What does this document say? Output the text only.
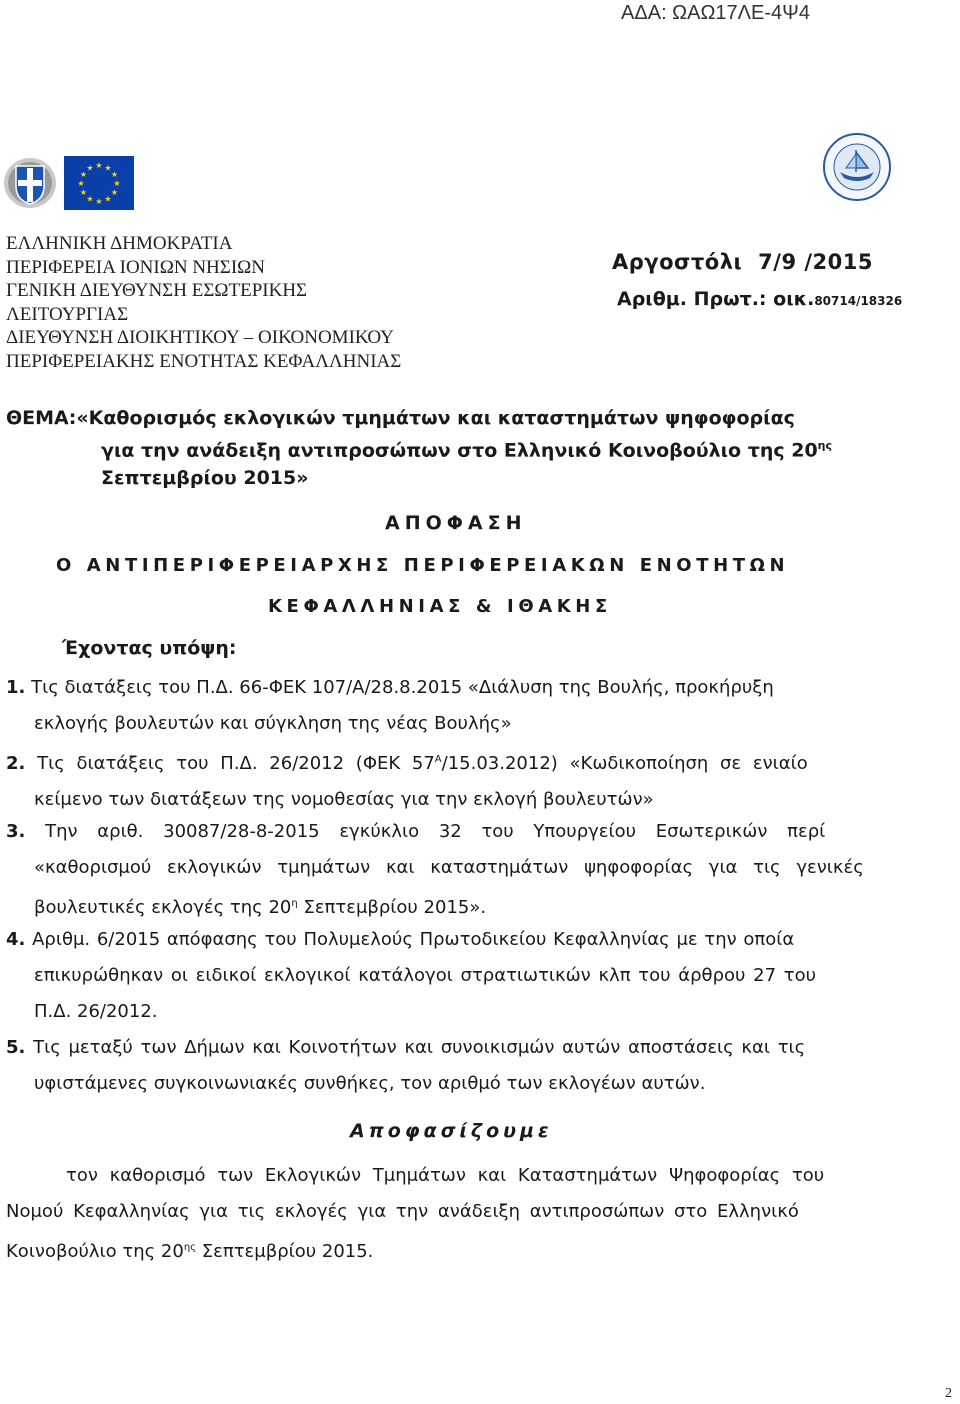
ΑΔΑ: ΩΑΩ17ΛΕ-4Ψ4
★ ★
★
★
★
★
★
★
★
★
★
★
ΕΛΛΗΝΙΚΗ ΔΗΜΟΚΡΑΤΙΑ
ΠΕΡΙΦΕΡΕΙΑ ΙΟΝΙΩΝ ΝΗΣΙΩΝ
ΓΕΝΙΚΗ ΔΙΕΥΘΥΝΣΗ ΕΣΩΤΕΡΙΚΗΣ
ΛΕΙΤΟΥΡΓΙΑΣ
ΔΙΕΥΘΥΝΣΗ ΔΙΟΙΚΗΤΙΚΟΥ – ΟΙΚΟΝΟΜΙΚΟΥ
ΠΕΡΙΦΕΡΕΙΑΚΗΣ ΕΝΟΤΗΤΑΣ ΚΕΦΑΛΛΗΝΙΑΣ
Αργοστόλι 7/9 /2015
Αριθμ. Πρωτ.: οικ.80714/18326
ΘΕΜΑ:«Καθορισμός εκλογικών τμημάτων και καταστημάτων ψηφοφορίας
για την ανάδειξη αντιπροσώπων στο Ελληνικό Κοινοβούλιο της $20^{\eta\varsigma}$
Σεπτεμβρίου 2015»
ΑΠΟΦΑΣΗ
Ο ΑΝΤΙΠΕΡΙΦΕΡΕΙΑΡΧΗΣ ΠΕΡΙΦΕΡΕΙΑΚΩΝ ΕΝΟΤΗΤΩΝ
ΚΕΦΑΛΛΗΝΙΑΣ & ΙΘΑΚΗΣ
Έχοντας υπόψη:
1. Τις διατάξεις του Π.Δ. 66-ΦΕΚ 107/Α/28.8.2015 «Διάλυση της Βουλής, προκήρυξη
εκλογής βουλευτών και σύγκληση της νέας Βουλής»
2. Τις διατάξεις του Π.Δ. 26/2012 (ΦΕΚ $57^A/15.03.2012$) «Κωδικοποίηση σε ενιαίο
κείμενο των διατάξεων της νομοθεσίας για την εκλογή βουλευτών»
3. Την αριθ. 30087/28-8-2015 εγκύκλιο 32 του Υπουργείου Εσωτερικών περί
«καθορισμού εκλογικών τμημάτων και καταστημάτων ψηφοφορίας για τις γενικές
βουλευτικές εκλογές της $20^\eta$ Σεπτεμβρίου 2015».
4. Αριθμ. 6/2015 απόφασης του Πολυμελούς Πρωτοδικείου Κεφαλληνίας με την οποία
επικυρώθηκαν οι ειδικοί εκλογικοί κατάλογοι στρατιωτικών κλπ του άρθρου 27 του
Π.Δ. 26/2012.
5. Τις μεταξύ των Δήμων και Κοινοτήτων και συνοικισμών αυτών αποστάσεις και τις
υφιστάμενες συγκοινωνιακές συνθήκες, τον αριθμό των εκλογέων αυτών.
Αποφασίζουμε
τον καθορισμό των Εκλογικών Τμημάτων και Καταστημάτων Ψηφοφορίας του
Νομού Κεφαλληνίας για τις εκλογές για την ανάδειξη αντιπροσώπων στο Ελληνικό
Κοινοβούλιο της $20^{\eta\varsigma}$ Σεπτεμβρίου 2015.
2
